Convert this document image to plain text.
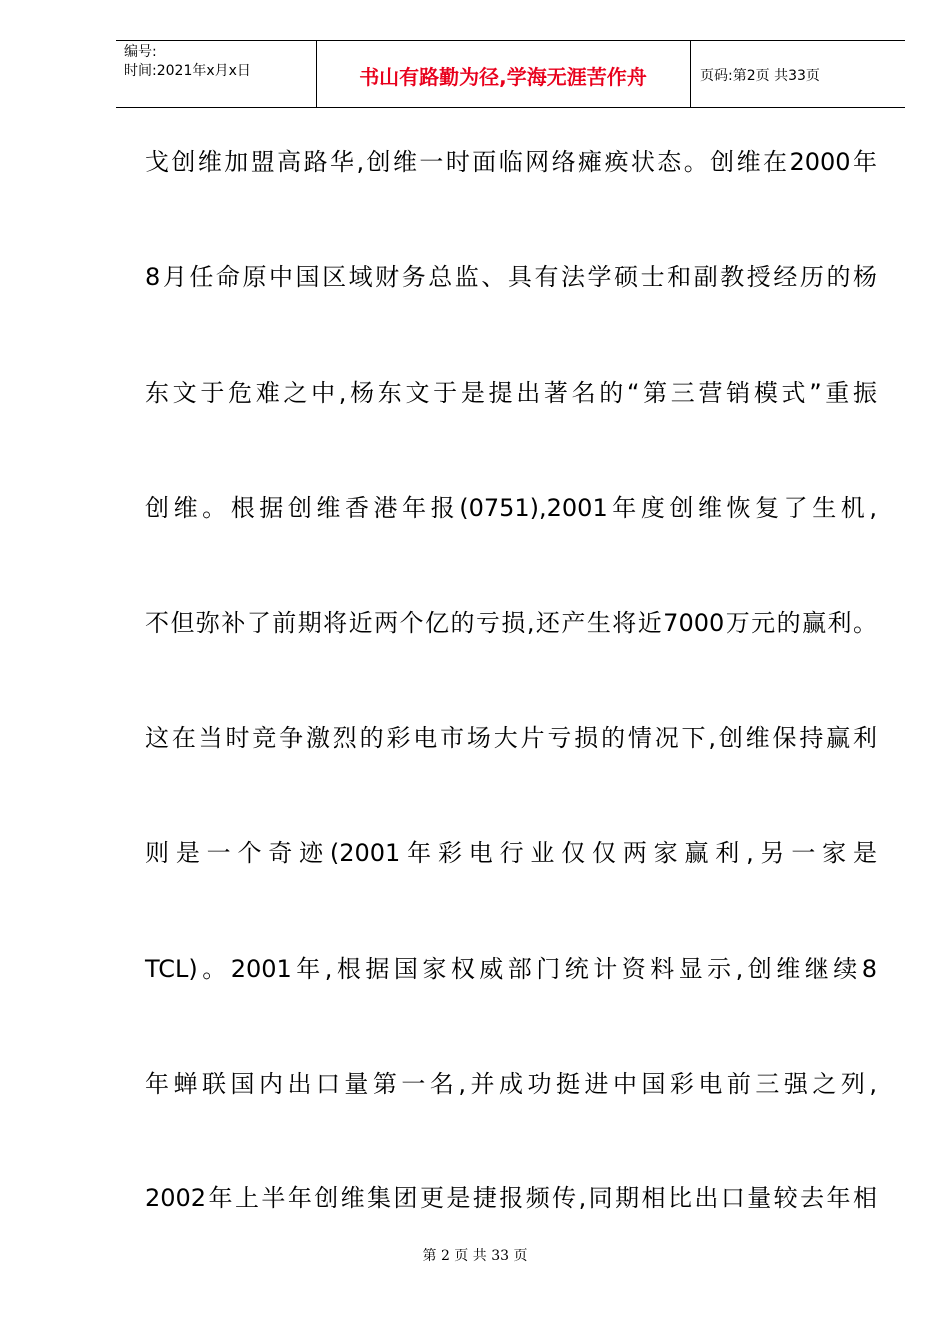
编号:
时间:2021年x月x日	书山有路勤为径,学海无涯苦作舟	页码:第2页 共33页
戈创维加盟高路华,创维一时面临网络瘫痪状态。创维在2000年
8月任命原中国区域财务总监、具有法学硕士和副教授经历的杨
东文于危难之中,杨东文于是提出著名的“第三营销模式”重振
创维。根据创维香港年报(0751),2001年度创维恢复了生机,
不但弥补了前期将近两个亿的亏损,还产生将近7000万元的赢利。
这在当时竞争激烈的彩电市场大片亏损的情况下,创维保持赢利
则是一个奇迹(2001年彩电行业仅仅两家赢利,另一家是
TCL)。2001年,根据国家权威部门统计资料显示,创维继续8
年蝉联国内出口量第一名,并成功挺进中国彩电前三强之列,
2002年上半年创维集团更是捷报频传,同期相比出口量较去年相
第 2 页 共 33 页
